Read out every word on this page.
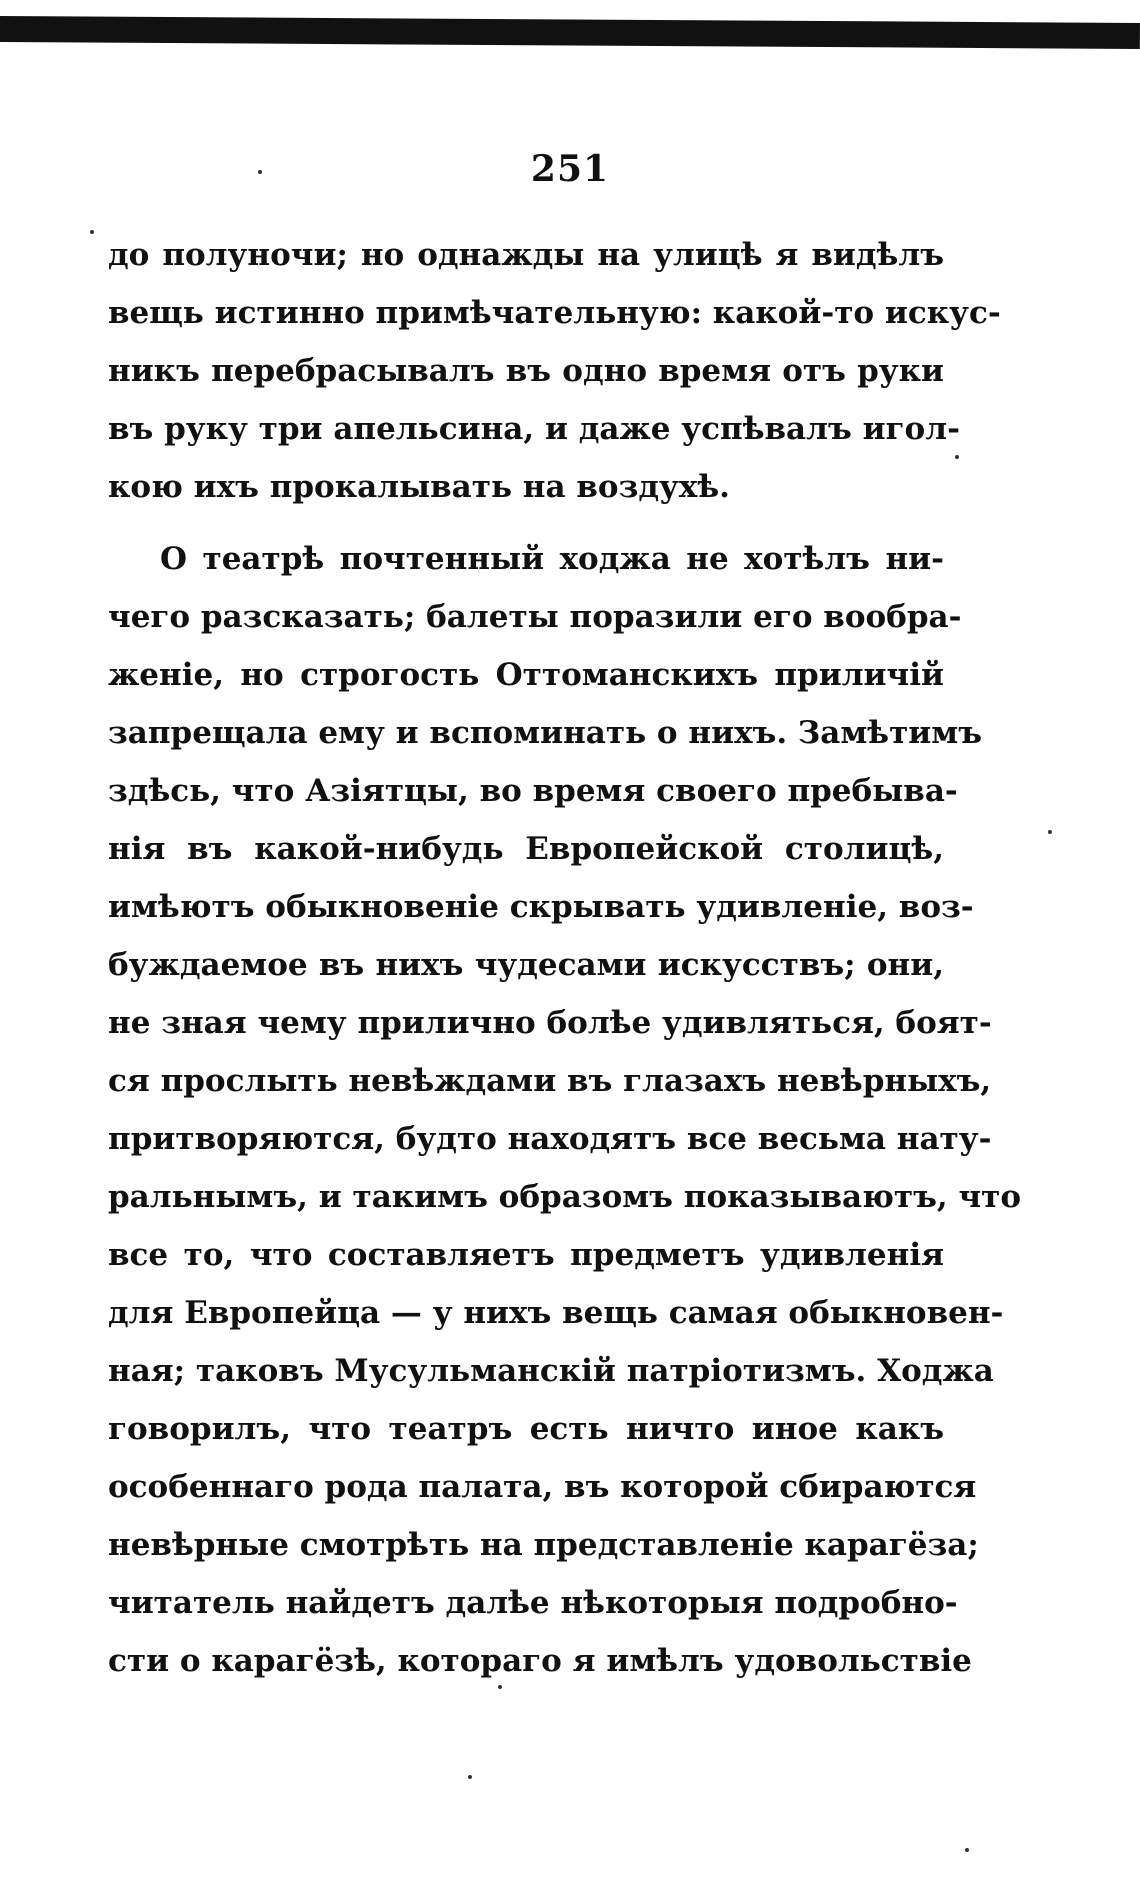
251
до полуночи; но однажды на улицѣ я видѣлъ
вещь истинно примѣчательную: какой-то искус-
никъ перебрасывалъ въ одно время отъ руки
въ руку три апельсина, и даже успѣвалъ игол-
кою ихъ прокалывать на воздухѣ.
О театрѣ почтенный ходжа не хотѣлъ ни-
чего разсказать; балеты поразили его вообра-
женіе, но строгость Оттоманскихъ приличій
запрещала ему и вспоминать о нихъ. Замѣтимъ
здѣсь, что Азіятцы, во время своего пребыва-
нія въ какой-нибудь Европейской столицѣ,
имѣютъ обыкновеніе скрывать удивленіе, воз-
буждаемое въ нихъ чудесами искусствъ; они,
не зная чему прилично болѣе удивляться, боят-
ся прослыть невѣждами въ глазахъ невѣрныхъ,
притворяются, будто находятъ все весьма нату-
ральнымъ, и такимъ образомъ показываютъ, что
все то, что составляетъ предметъ удивленія
для Европейца — у нихъ вещь самая обыкновен-
ная; таковъ Мусульманскій патріотизмъ. Ходжа
говорилъ, что театръ есть ничто иное какъ
особеннаго рода палата, въ которой сбираются
невѣрные смотрѣть на представленіе карагёза;
читатель найдетъ далѣе нѣкоторыя подробно-
сти о карагёзѣ, котораго я имѣлъ удовольствіе
